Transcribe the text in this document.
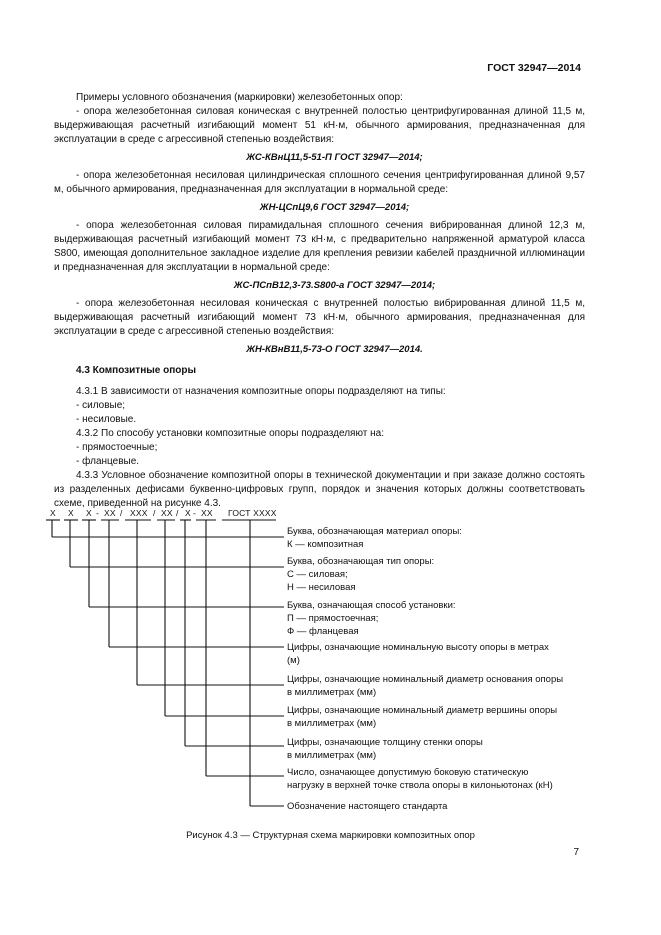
ГОСТ 32947—2014

Примеры условного обозначения (маркировки) железобетонных опор:

- опора железобетонная силовая коническая с внутренней полостью центрифугированная длиной 11,5 м, выдерживающая расчетный изгибающий момент 51 кН·м, обычного армирования, предназначенная для эксплуатации в среде с агрессивной степенью воздействия:

ЖС-КВнЦ11,5-51-П ГОСТ 32947—2014;

- опора железобетонная несиловая цилиндрическая сплошного сечения центрифугированная длиной 9,57 м, обычного армирования, предназначенная для эксплуатации в нормальной среде:

ЖН-ЦСпЦ9,6 ГОСТ 32947—2014;

- опора железобетонная силовая пирамидальная сплошного сечения вибрированная длиной 12,3 м, выдерживающая расчетный изгибающий момент 73 кН·м, с предварительно напряженной арматурой класса S800, имеющая дополнительное закладное изделие для крепления ревизии кабелей праздничной иллюминации и предназначенная для эксплуатации в нормальной среде:

ЖС-ПСпВ12,3-73.S800-а ГОСТ 32947—2014;

- опора железобетонная несиловая коническая с внутренней полостью вибрированная длиной 11,5 м, выдерживающая расчетный изгибающий момент 73 кН·м, обычного армирования, предназначенная для эксплуатации в среде с агрессивной степенью воздействия:

ЖН-КВнВ11,5-73-О ГОСТ 32947—2014.

4.3 Композитные опоры

4.3.1 В зависимости от назначения композитные опоры подразделяют на типы:

- силовые;

- несиловые.

4.3.2 По способу установки композитные опоры подразделяют на:

- прямостоечные;

- фланцевые.

4.3.3 Условное обозначение композитной опоры в технической документации и при заказе должно состоять из разделенных дефисами буквенно-цифровых групп, порядок и значения которых должны соответствовать схеме, приведенной на рисунке 4.3.

Х Х Х - ХХ / ХХХ / ХХ / Х - ХХ ГОСТ ХХХХ
Буква, обозначающая материал опоры:
К — композитная
Буква, обозначающая тип опоры:
С — силовая;
Н — несиловая
Буква, означающая способ установки:
П — прямостоечная;
Ф — фланцевая
Цифры, означающие номинальную высоту опоры в метрах
(м)
Цифры, означающие номинальный диаметр основания опоры
в миллиметрах (мм)
Цифры, означающие номинальный диаметр вершины опоры
в миллиметрах (мм)
Цифры, означающие толщину стенки опоры
в миллиметрах (мм)
Число, означающее допустимую боковую статическую
нагрузку в верхней точке ствола опоры в килоньютонах (кН)
Обозначение настоящего стандарта
Рисунок 4.3 — Структурная схема маркировки композитных опор
7
